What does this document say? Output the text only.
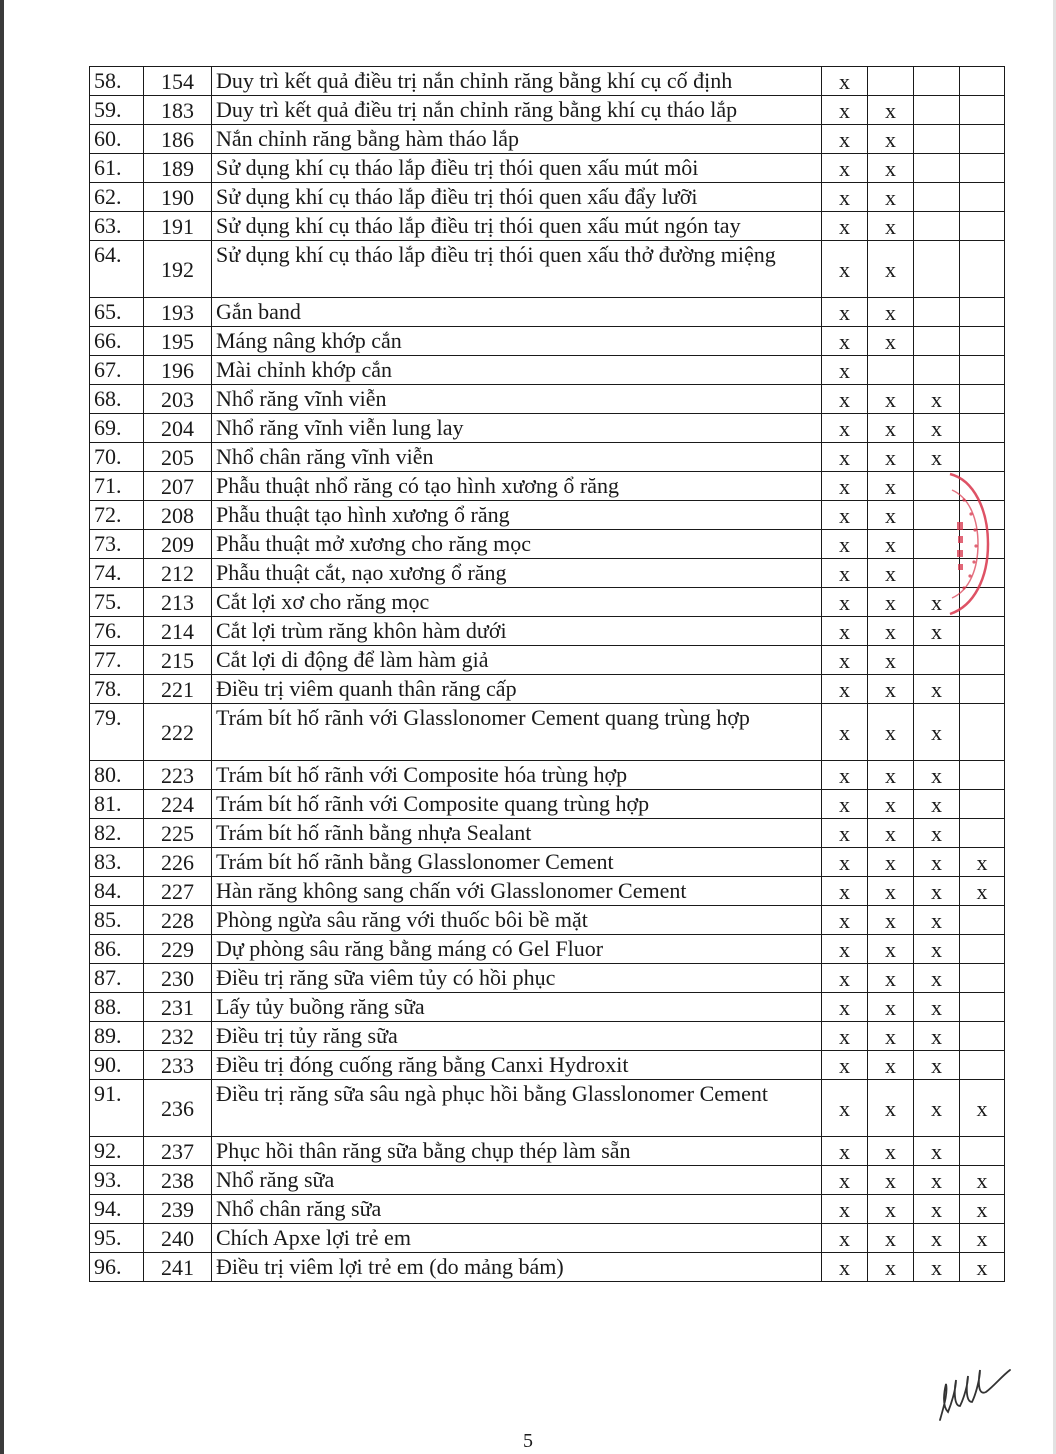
58.	154	Duy trì kết quả điều trị nắn chỉnh răng bằng khí cụ cố định	x			
59.	183	Duy trì kết quả điều trị nắn chỉnh răng bằng khí cụ tháo lắp	x	x		
60.	186	Nắn chỉnh răng bằng hàm tháo lắp	x	x		
61.	189	Sử dụng khí cụ tháo lắp điều trị thói quen xấu mút môi	x	x		
62.	190	Sử dụng khí cụ tháo lắp điều trị thói quen xấu đẩy lưỡi	x	x		
63.	191	Sử dụng khí cụ tháo lắp điều trị thói quen xấu mút ngón tay	x	x		
64.	192	Sử dụng khí cụ tháo lắp điều trị thói quen xấu thở đường miệng	x	x		
65.	193	Gắn band	x	x		
66.	195	Máng nâng khớp cắn	x	x		
67.	196	Mài chỉnh khớp cắn	x			
68.	203	Nhổ răng vĩnh viễn	x	x	x	
69.	204	Nhổ răng vĩnh viễn lung lay	x	x	x	
70.	205	Nhổ chân răng vĩnh viễn	x	x	x	
71.	207	Phẫu thuật nhổ răng có tạo hình xương ổ răng	x	x		
72.	208	Phẫu thuật tạo hình xương ổ răng	x	x		
73.	209	Phẫu thuật mở xương cho răng mọc	x	x		
74.	212	Phẫu thuật cắt, nạo xương ổ răng	x	x		
75.	213	Cắt lợi xơ cho răng mọc	x	x	x	
76.	214	Cắt lợi trùm răng khôn hàm dưới	x	x	x	
77.	215	Cắt lợi di động để làm hàm giả	x	x		
78.	221	Điều trị viêm quanh thân răng cấp	x	x	x	
79.	222	Trám bít hố rãnh với Glasslonomer Cement quang trùng hợp	x	x	x	
80.	223	Trám bít hố rãnh với Composite hóa trùng hợp	x	x	x	
81.	224	Trám bít hố rãnh với Composite quang trùng hợp	x	x	x	
82.	225	Trám bít hố rãnh bằng nhựa Sealant	x	x	x	
83.	226	Trám bít hố rãnh bằng Glasslonomer Cement	x	x	x	x
84.	227	Hàn răng không sang chấn với Glasslonomer Cement	x	x	x	x
85.	228	Phòng ngừa sâu răng với thuốc bôi bề mặt	x	x	x	
86.	229	Dự phòng sâu răng bằng máng có Gel Fluor	x	x	x	
87.	230	Điều trị răng sữa viêm tủy có hồi phục	x	x	x	
88.	231	Lấy tủy buồng răng sữa	x	x	x	
89.	232	Điều trị tủy răng sữa	x	x	x	
90.	233	Điều trị đóng cuống răng bằng Canxi Hydroxit	x	x	x	
91.	236	Điều trị răng sữa sâu ngà phục hồi bằng Glasslonomer Cement	x	x	x	x
92.	237	Phục hồi thân răng sữa bằng chụp thép làm sẵn	x	x	x	
93.	238	Nhổ răng sữa	x	x	x	x
94.	239	Nhổ chân răng sữa	x	x	x	x
95.	240	Chích Apxe lợi trẻ em	x	x	x	x
96.	241	Điều trị viêm lợi trẻ em (do mảng bám)	x	x	x	x
5
